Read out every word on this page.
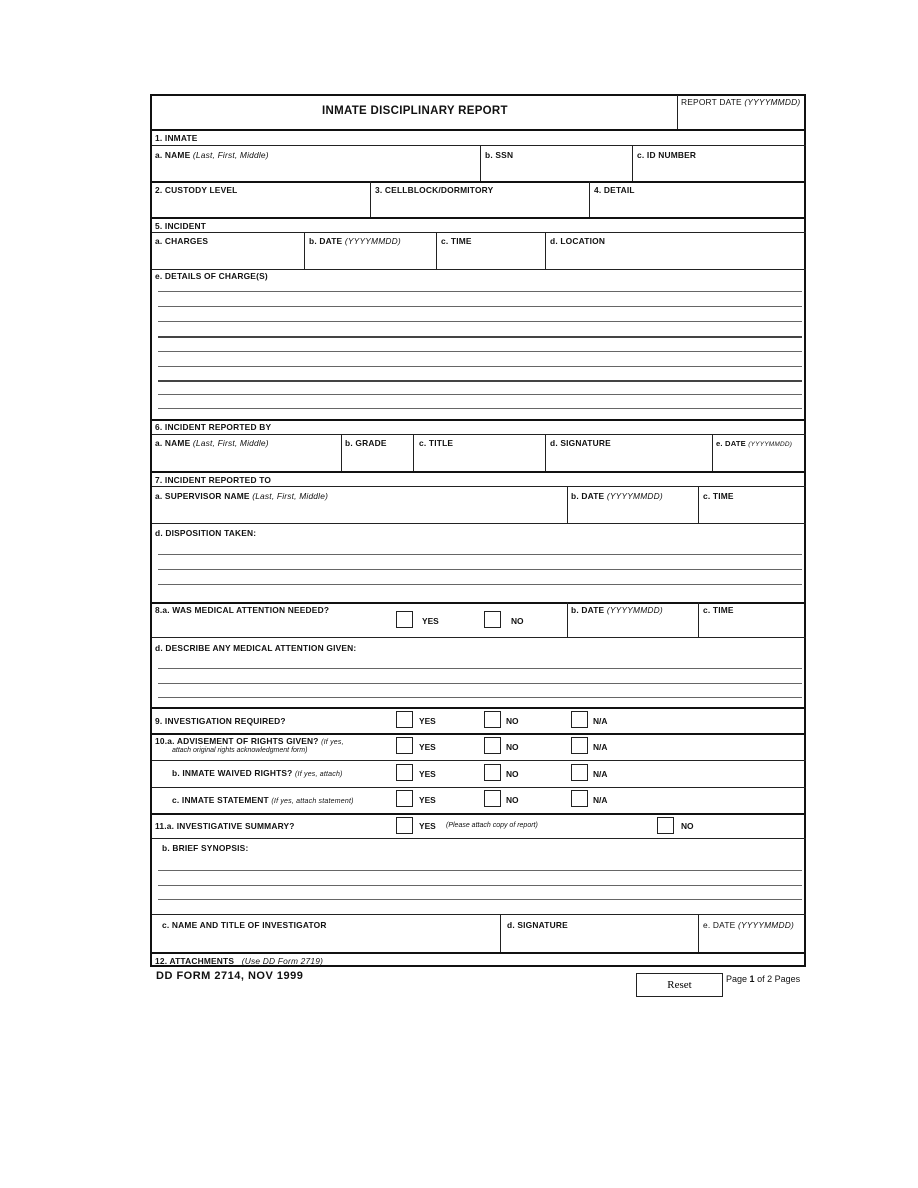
INMATE DISCIPLINARY REPORT
REPORT DATE (YYYYMMDD)
1. INMATE
a. NAME (Last, First, Middle)	b. SSN	c. ID NUMBER
2. CUSTODY LEVEL	3. CELLBLOCK/DORMITORY	4. DETAIL
5. INCIDENT
a. CHARGES	b. DATE (YYYYMMDD)	c. TIME	d. LOCATION
e. DETAILS OF CHARGE(S)
6. INCIDENT REPORTED BY
a. NAME (Last, First, Middle)	b. GRADE	c. TITLE	d. SIGNATURE	e. DATE (YYYYMMDD)
7. INCIDENT REPORTED TO
a. SUPERVISOR NAME (Last, First, Middle)	b. DATE (YYYYMMDD)	c. TIME
d. DISPOSITION TAKEN:
8.a. WAS MEDICAL ATTENTION NEEDED?
YES	NO
b. DATE (YYYYMMDD)	c. TIME
d. DESCRIBE ANY MEDICAL ATTENTION GIVEN:
9. INVESTIGATION REQUIRED?	YES	NO	N/A
10.a. ADVISEMENT OF RIGHTS GIVEN? (If yes,
attach original rights acknowledgment form)	YES	NO	N/A
b. INMATE WAIVED RIGHTS? (If yes, attach)	YES	NO	N/A
c. INMATE STATEMENT (If yes, attach statement)	YES	NO	N/A
11.a. INVESTIGATIVE SUMMARY?	YES (Please attach copy of report)	NO
b. BRIEF SYNOPSIS:
c. NAME AND TITLE OF INVESTIGATOR	d. SIGNATURE	e. DATE (YYYYMMDD)
12. ATTACHMENTS (Use DD Form 2719)
DD FORM 2714, NOV 1999
Reset	Page 1 of 2 Pages
